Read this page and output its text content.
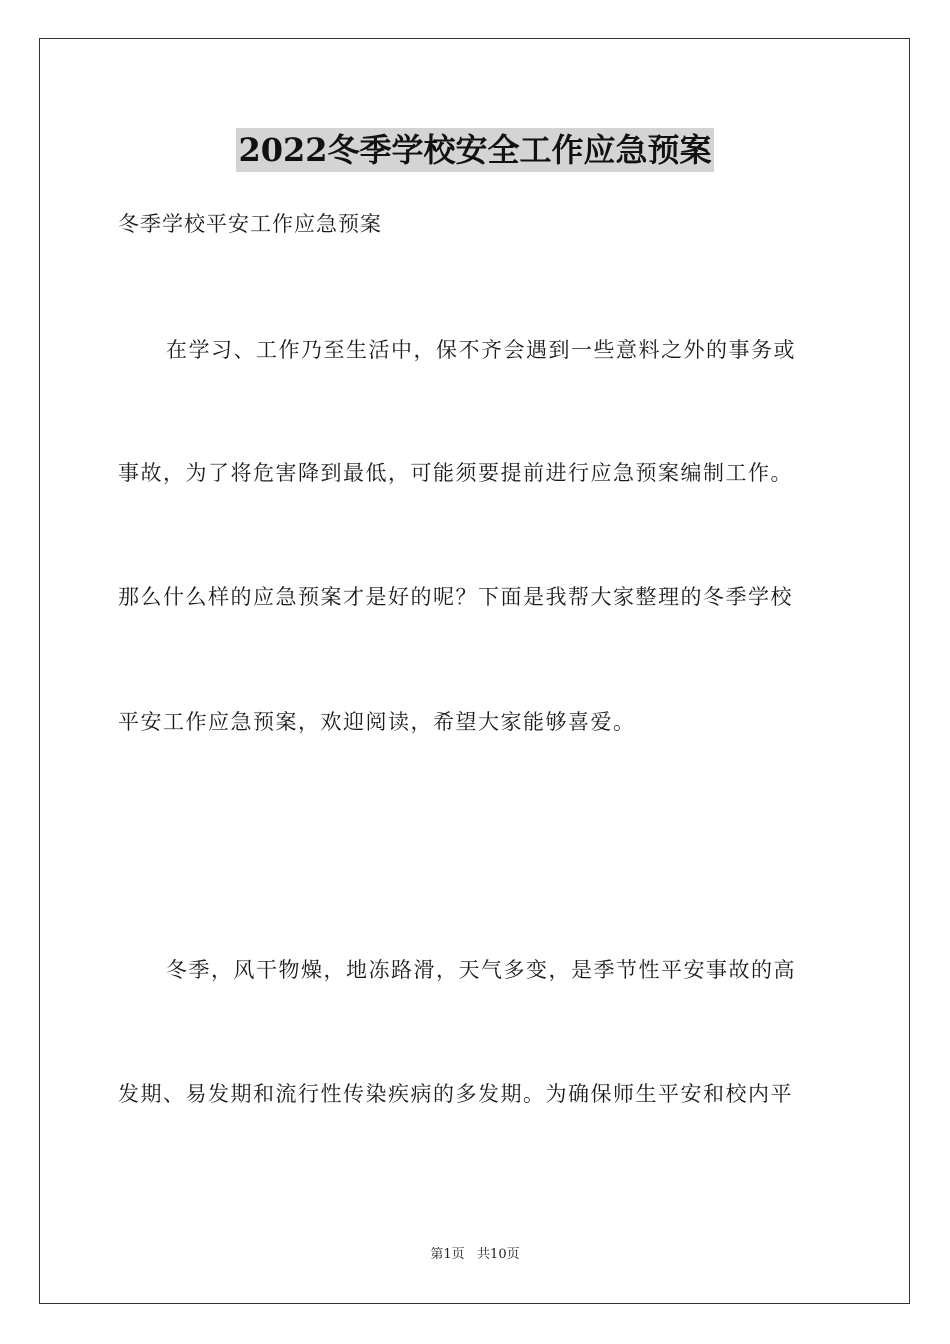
2022冬季学校安全工作应急预案
冬季学校平安工作应急预案
在学习、工作乃至生活中，保不齐会遇到一些意料之外的事务或
事故，为了将危害降到最低，可能须要提前进行应急预案编制工作。
那么什么样的应急预案才是好的呢？下面是我帮大家整理的冬季学校
平安工作应急预案，欢迎阅读，希望大家能够喜爱。
冬季，风干物燥，地冻路滑，天气多变，是季节性平安事故的高
发期、易发期和流行性传染疾病的多发期。为确保师生平安和校内平
第1页   共10页
